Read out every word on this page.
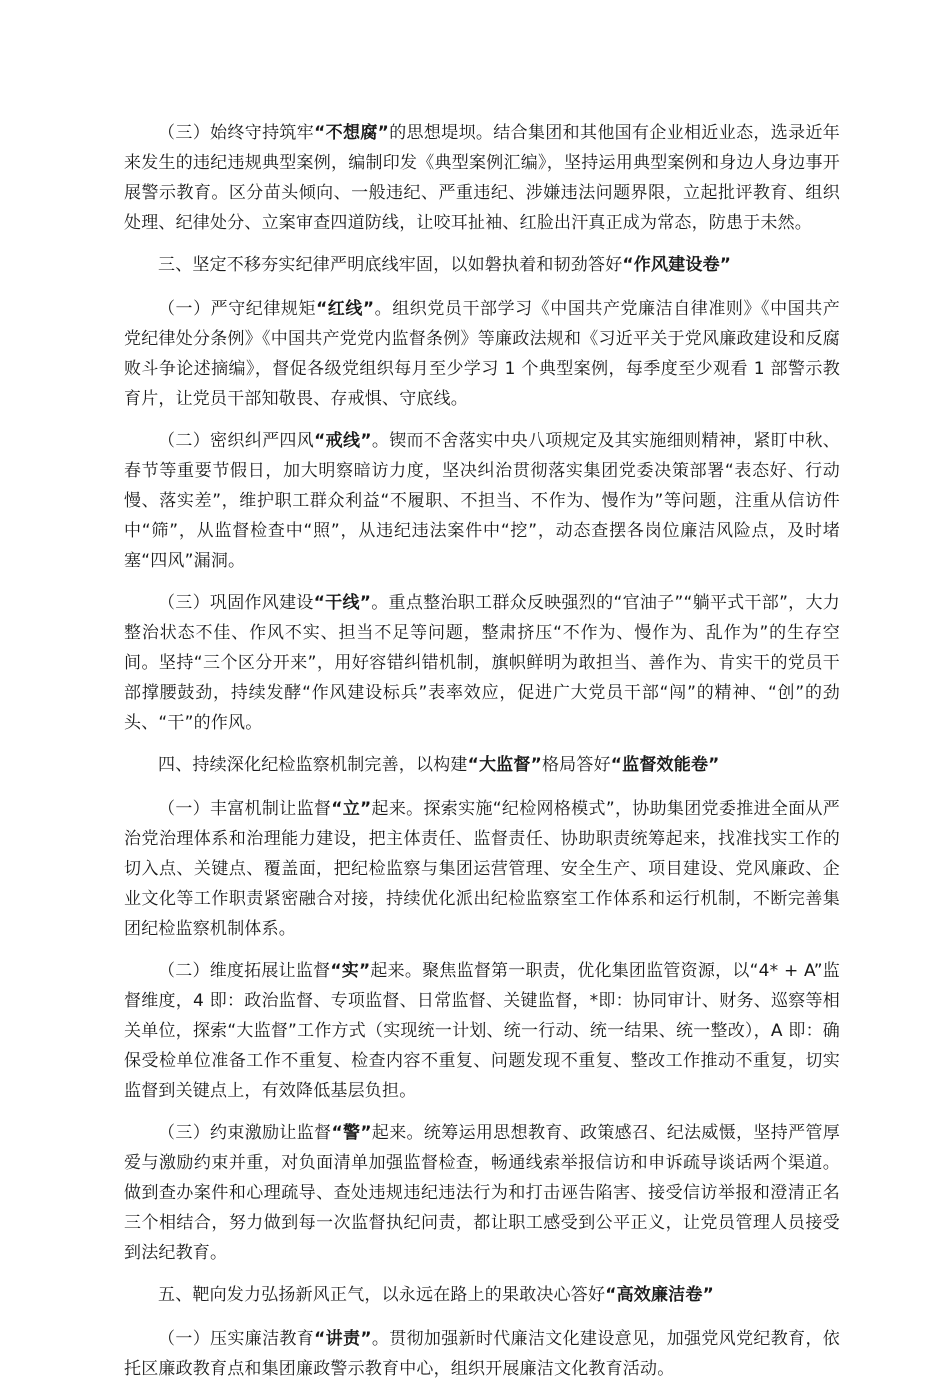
（三）始终守持筑牢“不想腐”的思想堤坝。结合集团和其他国有企业相近业态，选录近年来发生的违纪违规典型案例，编制印发《典型案例汇编》，坚持运用典型案例和身边人身边事开展警示教育。区分苗头倾向、一般违纪、严重违纪、涉嫌违法问题界限，立起批评教育、组织处理、纪律处分、立案审查四道防线，让咬耳扯袖、红脸出汗真正成为常态，防患于未然。

三、坚定不移夯实纪律严明底线牢固，以如磐执着和韧劲答好“作风建设卷”

（一）严守纪律规矩“红线”。组织党员干部学习《中国共产党廉洁自律准则》《中国共产党纪律处分条例》《中国共产党党内监督条例》等廉政法规和《习近平关于党风廉政建设和反腐败斗争论述摘编》，督促各级党组织每月至少学习 1 个典型案例，每季度至少观看 1 部警示教育片，让党员干部知敬畏、存戒惧、守底线。

（二）密织纠严四风“戒线”。锲而不舍落实中央八项规定及其实施细则精神，紧盯中秋、春节等重要节假日，加大明察暗访力度，坚决纠治贯彻落实集团党委决策部署“表态好、行动慢、落实差”，维护职工群众利益“不履职、不担当、不作为、慢作为”等问题，注重从信访件中“筛”，从监督检查中“照”，从违纪违法案件中“挖”，动态查摆各岗位廉洁风险点，及时堵塞“四风”漏洞。

（三）巩固作风建设“干线”。重点整治职工群众反映强烈的“官油子”“躺平式干部”，大力整治状态不佳、作风不实、担当不足等问题，整肃挤压“不作为、慢作为、乱作为”的生存空间。坚持“三个区分开来”，用好容错纠错机制，旗帜鲜明为敢担当、善作为、肯实干的党员干部撑腰鼓劲，持续发酵“作风建设标兵”表率效应，促进广大党员干部“闯”的精神、“创”的劲头、“干”的作风。

四、持续深化纪检监察机制完善，以构建“大监督”格局答好“监督效能卷”

（一）丰富机制让监督“立”起来。探索实施“纪检网格模式”，协助集团党委推进全面从严治党治理体系和治理能力建设，把主体责任、监督责任、协助职责统筹起来，找准找实工作的切入点、关键点、覆盖面，把纪检监察与集团运营管理、安全生产、项目建设、党风廉政、企业文化等工作职责紧密融合对接，持续优化派出纪检监察室工作体系和运行机制，不断完善集团纪检监察机制体系。

（二）维度拓展让监督“实”起来。聚焦监督第一职责，优化集团监管资源，以“4* + A”监督维度，4 即：政治监督、专项监督、日常监督、关键监督，*即：协同审计、财务、巡察等相关单位，探索“大监督”工作方式（实现统一计划、统一行动、统一结果、统一整改），A 即：确保受检单位准备工作不重复、检查内容不重复、问题发现不重复、整改工作推动不重复，切实监督到关键点上，有效降低基层负担。

（三）约束激励让监督“警”起来。统筹运用思想教育、政策感召、纪法威慑，坚持严管厚爱与激励约束并重，对负面清单加强监督检查，畅通线索举报信访和申诉疏导谈话两个渠道。做到查办案件和心理疏导、查处违规违纪违法行为和打击诬告陷害、接受信访举报和澄清正名三个相结合，努力做到每一次监督执纪问责，都让职工感受到公平正义，让党员管理人员接受到法纪教育。

五、靶向发力弘扬新风正气，以永远在路上的果敢决心答好“高效廉洁卷”

（一）压实廉洁教育“讲责”。贯彻加强新时代廉洁文化建设意见，加强党风党纪教育，依托区廉政教育点和集团廉政警示教育中心，组织开展廉洁文化教育活动。
